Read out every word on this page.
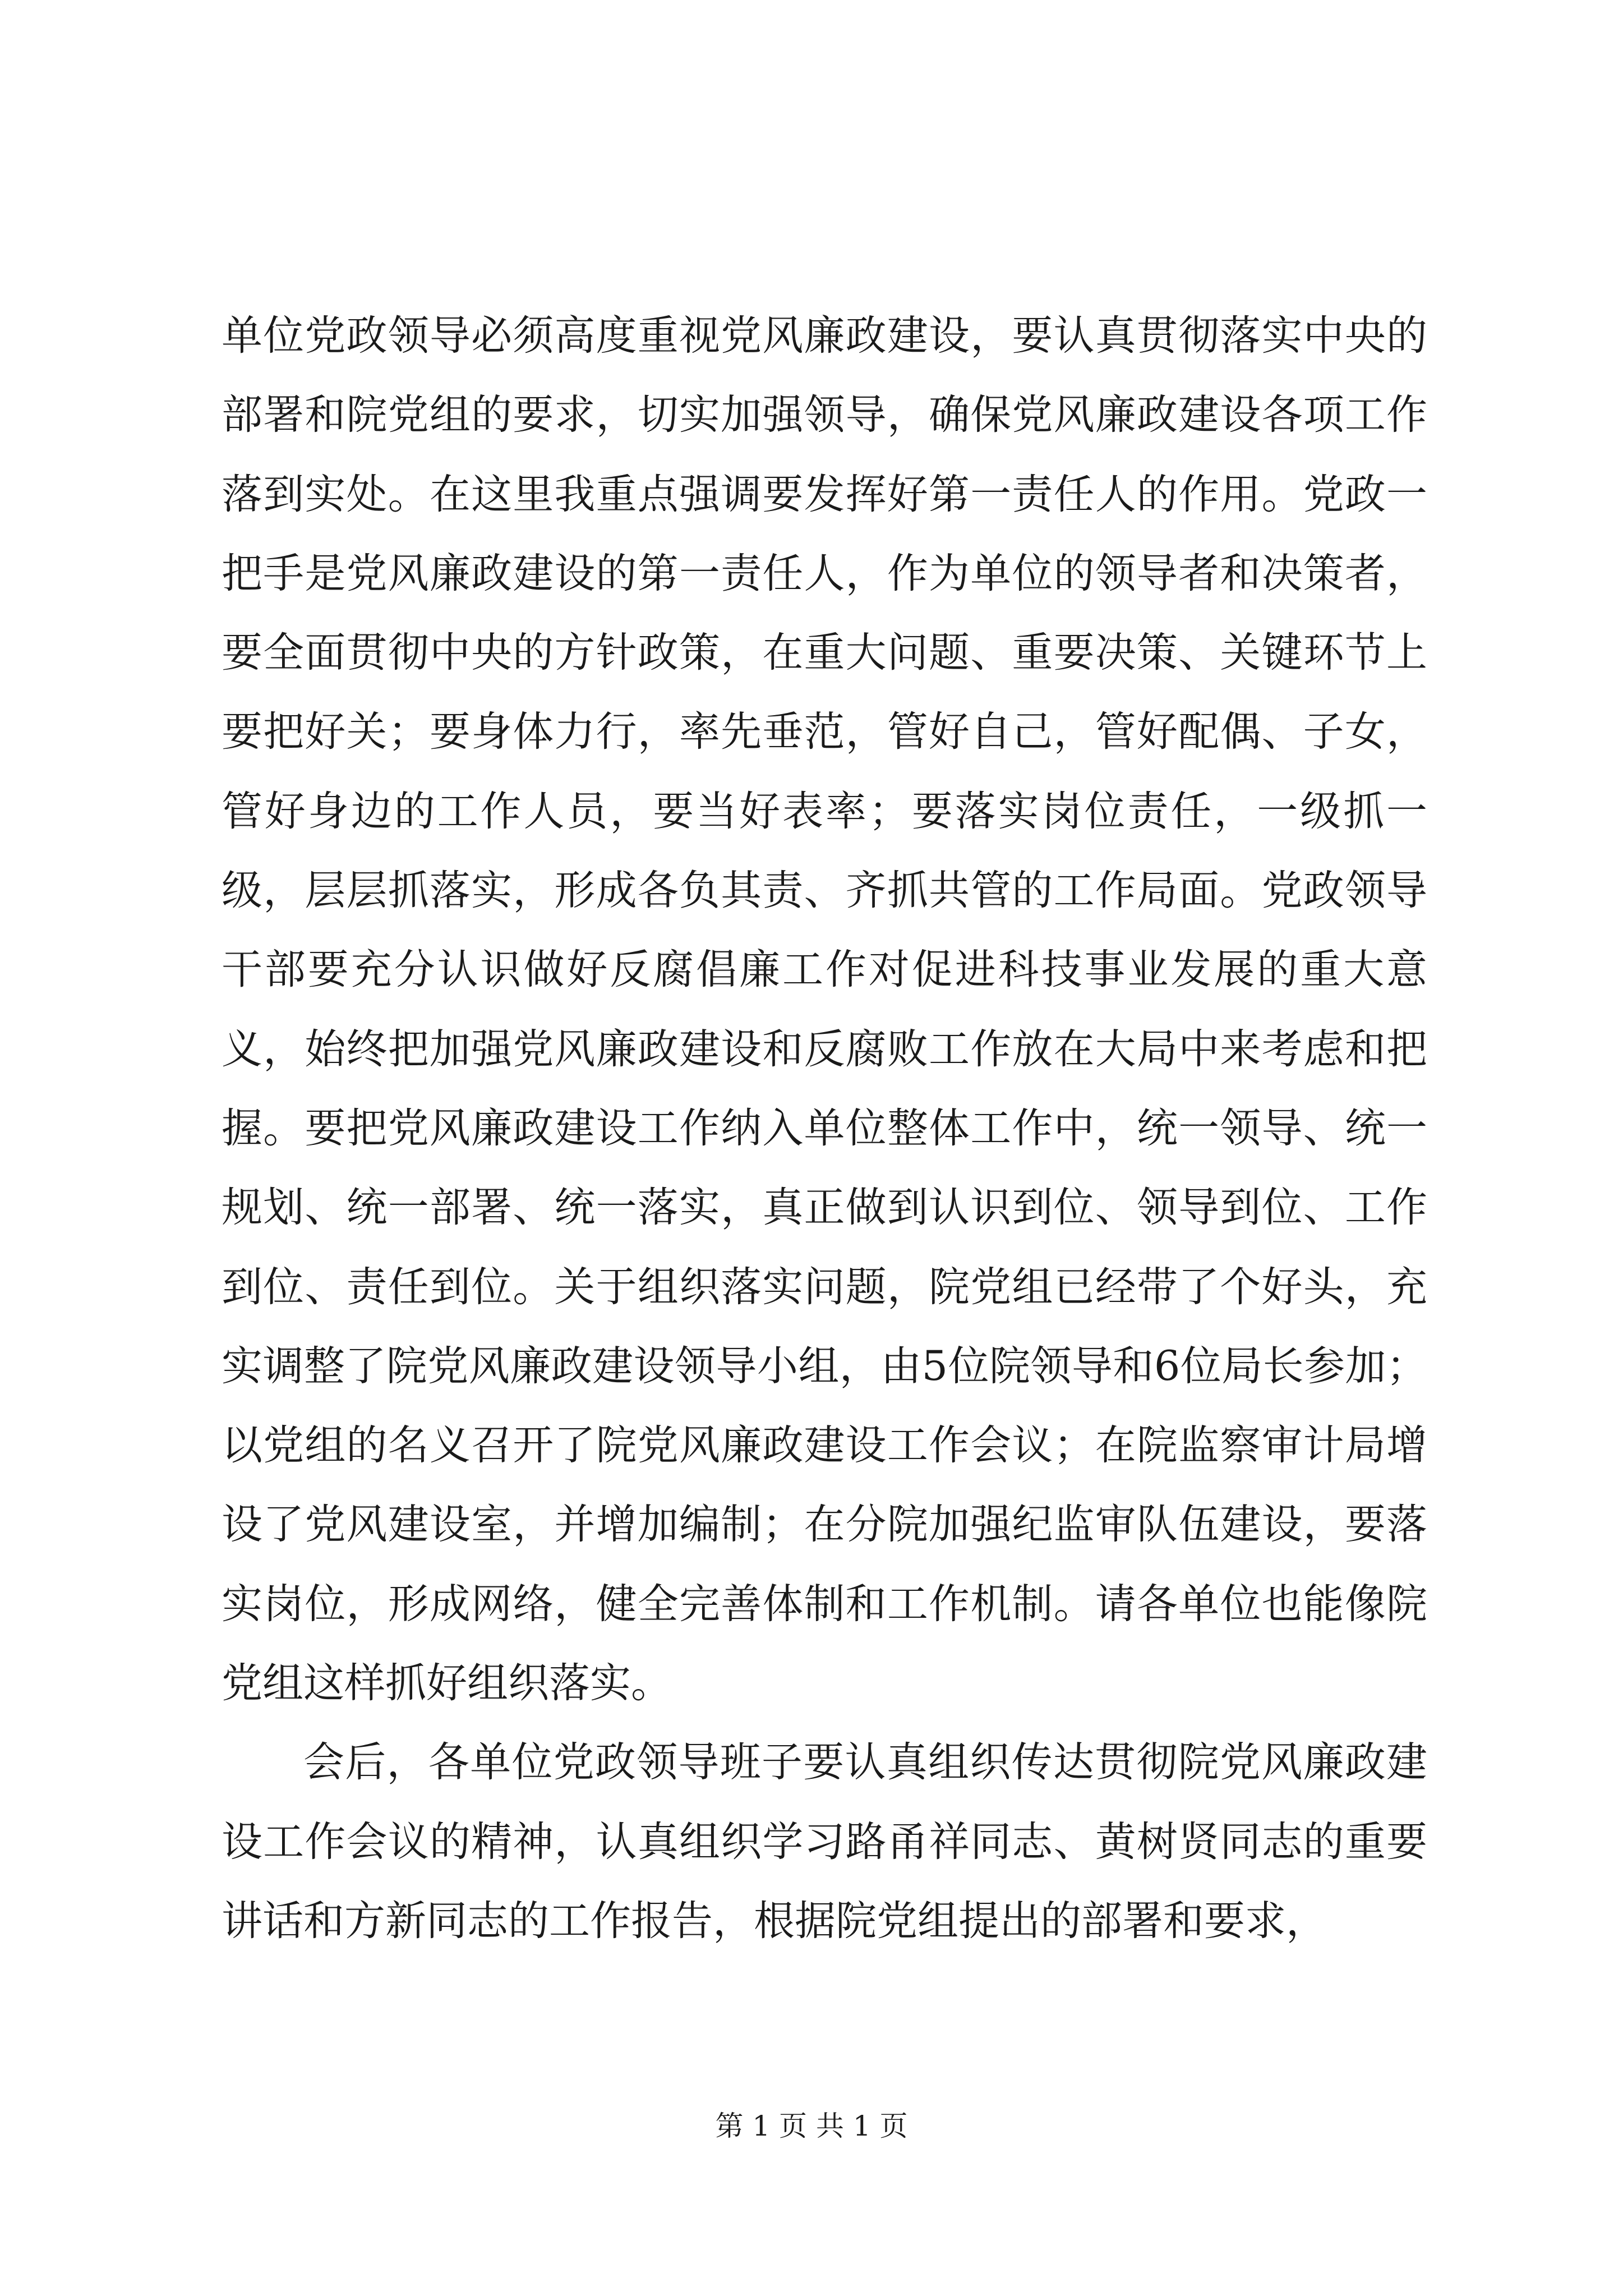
单位党政领导必须高度重视党风廉政建设，要认真贯彻落实中央的部署和院党组的要求，切实加强领导，确保党风廉政建设各项工作落到实处。在这里我重点强调要发挥好第一责任人的作用。党政一把手是党风廉政建设的第一责任人，作为单位的领导者和决策者，要全面贯彻中央的方针政策，在重大问题、重要决策、关键环节上要把好关；要身体力行，率先垂范，管好自己，管好配偶、子女，管好身边的工作人员，要当好表率；要落实岗位责任，一级抓一级，层层抓落实，形成各负其责、齐抓共管的工作局面。党政领导干部要充分认识做好反腐倡廉工作对促进科技事业发展的重大意义，始终把加强党风廉政建设和反腐败工作放在大局中来考虑和把握。要把党风廉政建设工作纳入单位整体工作中，统一领导、统一规划、统一部署、统一落实，真正做到认识到位、领导到位、工作到位、责任到位。关于组织落实问题，院党组已经带了个好头，充实调整了院党风廉政建设领导小组，由5位院领导和6位局长参加；以党组的名义召开了院党风廉政建设工作会议；在院监察审计局增设了党风建设室，并增加编制；在分院加强纪监审队伍建设，要落实岗位，形成网络，健全完善体制和工作机制。请各单位也能像院党组这样抓好组织落实。

会后，各单位党政领导班子要认真组织传达贯彻院党风廉政建设工作会议的精神，认真组织学习路甬祥同志、黄树贤同志的重要讲话和方新同志的工作报告，根据院党组提出的部署和要求，

第 1 页 共 1 页
